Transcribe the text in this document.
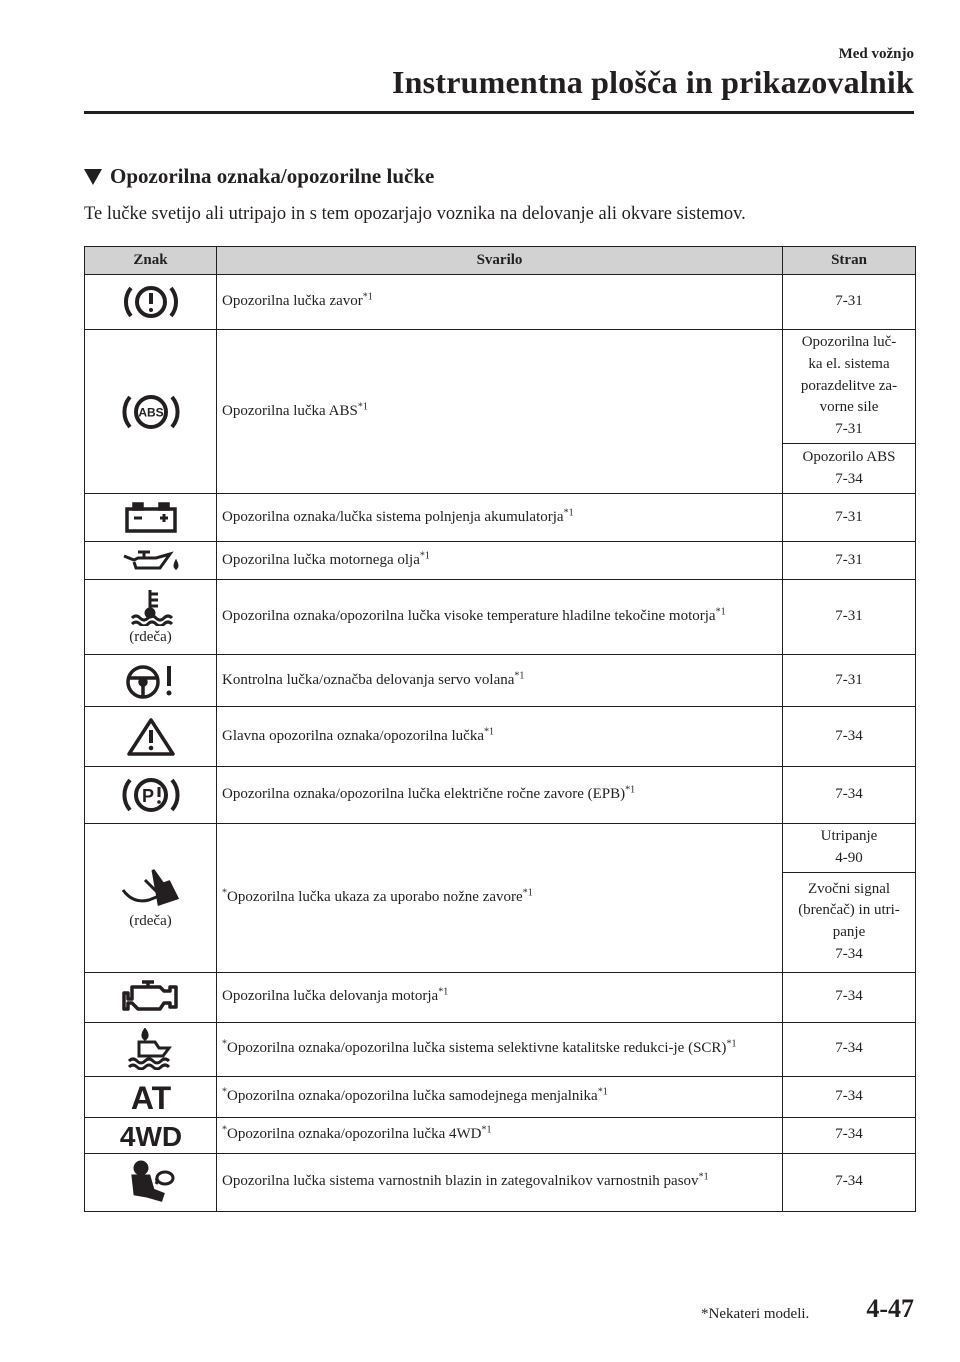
Med vožnjo
Instrumentna plošča in prikazovalnik
Opozorilna oznaka/opozorilne lučke
Te lučke svetijo ali utripajo in s tem opozarjajo voznika na delovanje ali okvare sistemov.
Znak	Svarilo	Stran

	Opozorilna lučka zavor$^{*1}$	7-31

ABS	Opozorilna lučka ABS$^{*1}$	Opozorilna luč-
ka el. sistema
porazdelitve za-
vorne sile
7-31
		Opozorilo ABS
7-34

	Opozorilna oznaka/lučka sistema polnjenja akumulatorja$^{*1}$	7-31

	Opozorilna lučka motornega olja$^{*1}$	7-31

(rdeča)	Opozorilna oznaka/opozorilna lučka visoke temperature hladilne tekočine motorja$^{*1}$	7-31

	Kontrolna lučka/označba delovanja servo volana$^{*1}$	7-31

	Glavna opozorilna oznaka/opozorilna lučka$^{*1}$	7-34

P	Opozorilna oznaka/opozorilna lučka električne ročne zavore (EPB)$^{*1}$	7-34

(rdeča)	*Opozorilna lučka ukaza za uporabo nožne zavore$^{*1}$	Utripanje
4-90
		Zvočni signal
(brenčač) in utri-
panje
7-34

	Opozorilna lučka delovanja motorja$^{*1}$	7-34

	*Opozorilna oznaka/opozorilna lučka sistema selektivne katalitske redukci-je (SCR)$^{*1}$	7-34

AT	*Opozorilna oznaka/opozorilna lučka samodejnega menjalnika$^{*1}$	7-34

4WD	*Opozorilna oznaka/opozorilna lučka 4WD$^{*1}$	7-34

	Opozorilna lučka sistema varnostnih blazin in zategovalnikov varnostnih pasov$^{*1}$	7-34
*Nekateri modeli. 4-47
